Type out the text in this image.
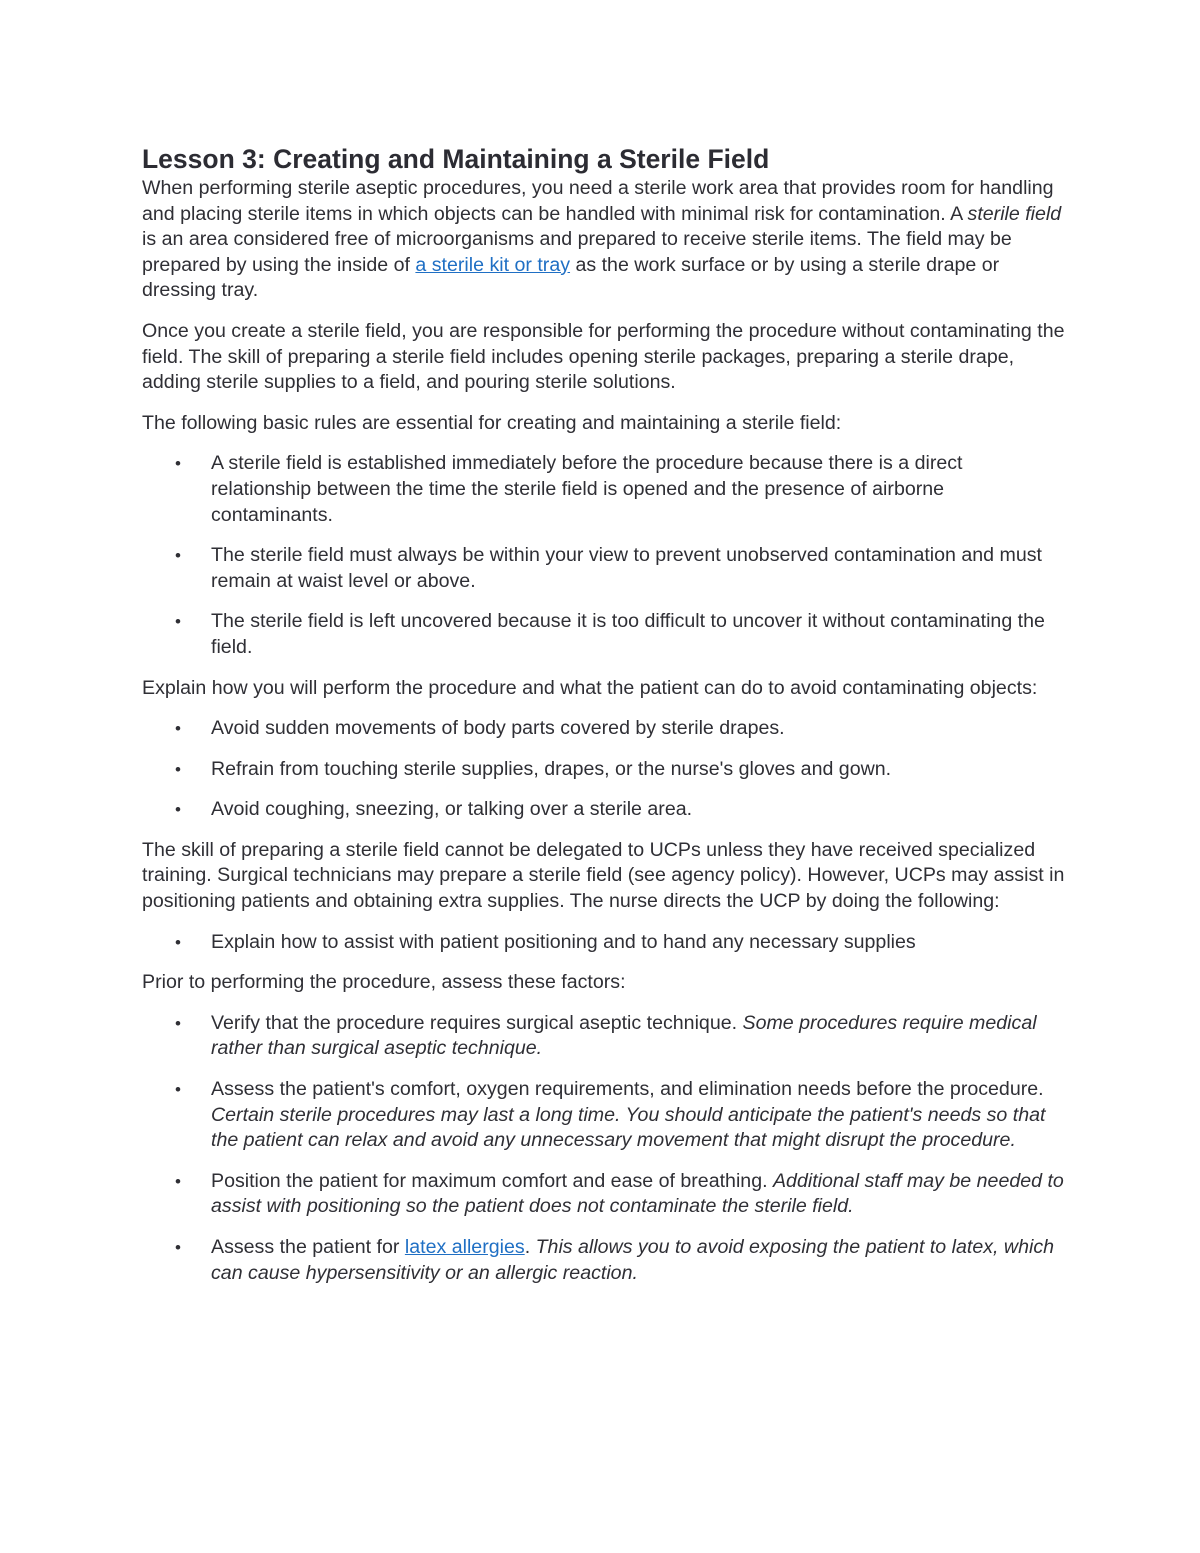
Lesson 3: Creating and Maintaining a Sterile Field

When performing sterile aseptic procedures, you need a sterile work area that provides room for handling and placing sterile items in which objects can be handled with minimal risk for contamination. A sterile field is an area considered free of microorganisms and prepared to receive sterile items. The field may be prepared by using the inside of a sterile kit or tray as the work surface or by using a sterile drape or dressing tray.

Once you create a sterile field, you are responsible for performing the procedure without contaminating the field. The skill of preparing a sterile field includes opening sterile packages, preparing a sterile drape, adding sterile supplies to a field, and pouring sterile solutions.

The following basic rules are essential for creating and maintaining a sterile field:

• A sterile field is established immediately before the procedure because there is a direct relationship between the time the sterile field is opened and the presence of airborne contaminants.
• The sterile field must always be within your view to prevent unobserved contamination and must remain at waist level or above.
• The sterile field is left uncovered because it is too difficult to uncover it without contaminating the field.

Explain how you will perform the procedure and what the patient can do to avoid contaminating objects:

• Avoid sudden movements of body parts covered by sterile drapes.
• Refrain from touching sterile supplies, drapes, or the nurse's gloves and gown.
• Avoid coughing, sneezing, or talking over a sterile area.

The skill of preparing a sterile field cannot be delegated to UCPs unless they have received specialized training. Surgical technicians may prepare a sterile field (see agency policy). However, UCPs may assist in positioning patients and obtaining extra supplies. The nurse directs the UCP by doing the following:

• Explain how to assist with patient positioning and to hand any necessary supplies

Prior to performing the procedure, assess these factors:

• Verify that the procedure requires surgical aseptic technique. Some procedures require medical rather than surgical aseptic technique.
• Assess the patient's comfort, oxygen requirements, and elimination needs before the procedure. Certain sterile procedures may last a long time. You should anticipate the patient's needs so that the patient can relax and avoid any unnecessary movement that might disrupt the procedure.
• Position the patient for maximum comfort and ease of breathing. Additional staff may be needed to assist with positioning so the patient does not contaminate the sterile field.
• Assess the patient for latex allergies. This allows you to avoid exposing the patient to latex, which can cause hypersensitivity or an allergic reaction.
